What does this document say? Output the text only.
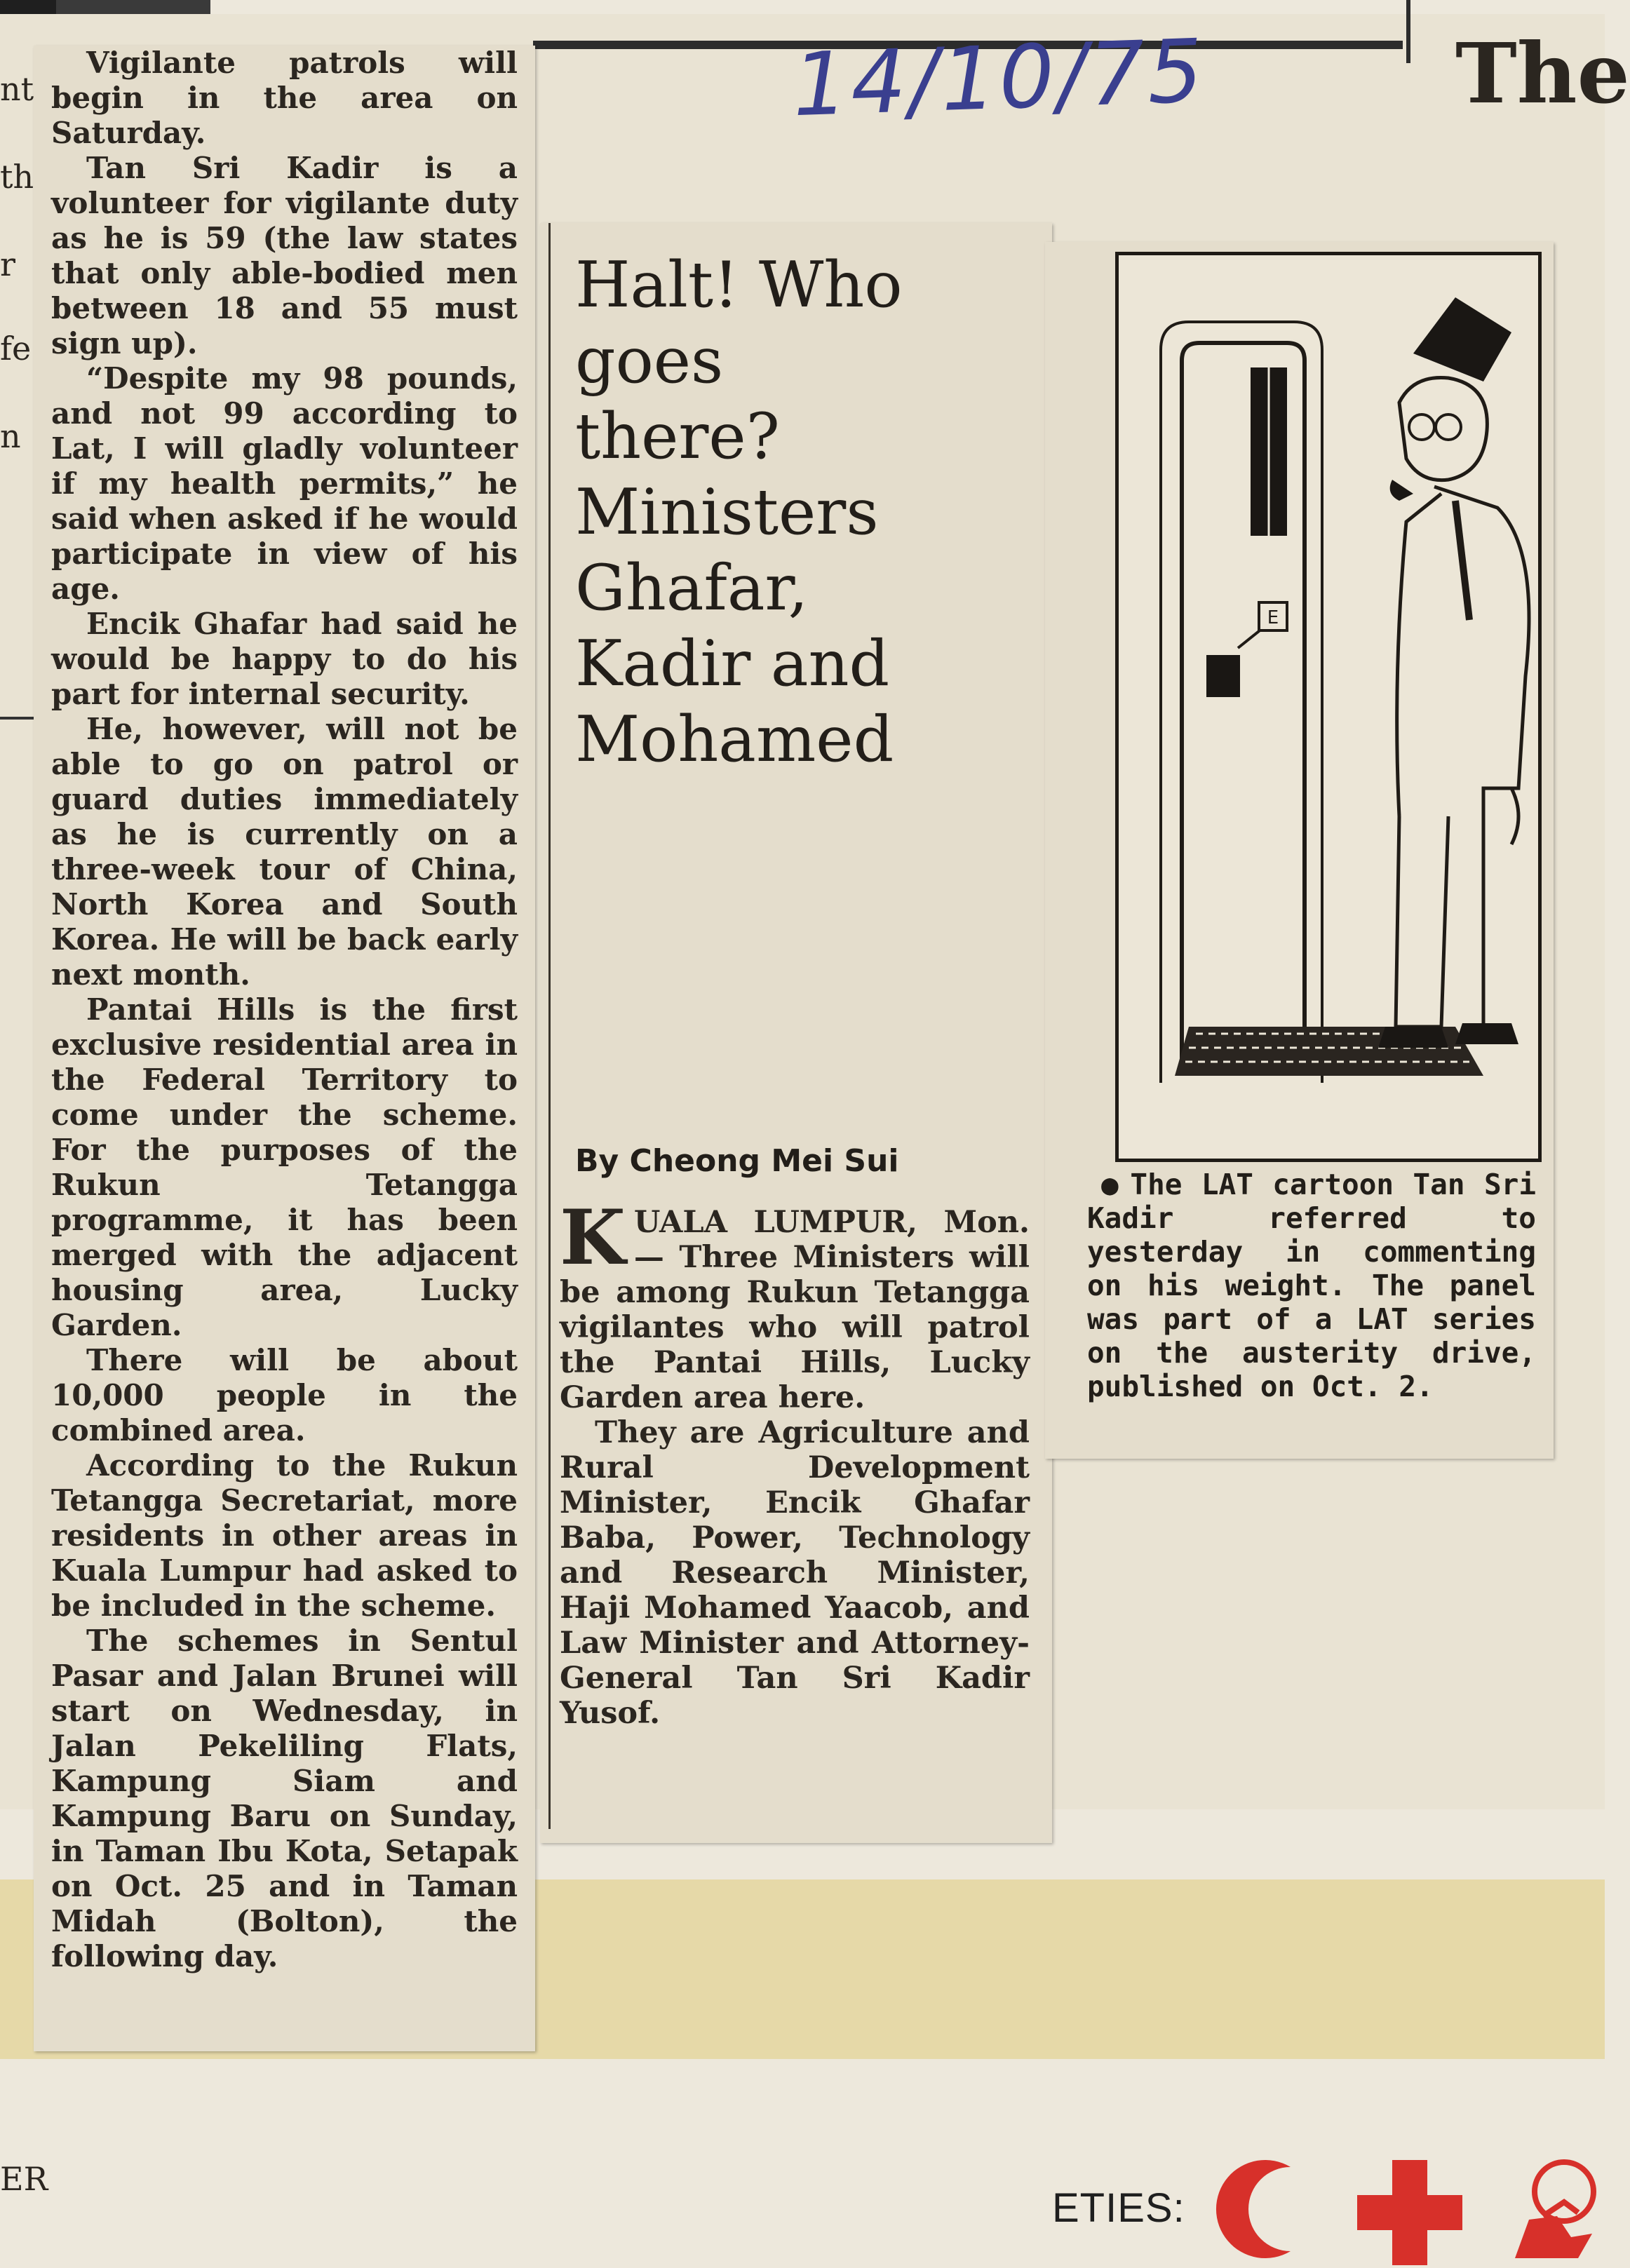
The
nt
th
r
fe
n
ER
ETIES:

Vigilante patrols will begin in the area on Saturday.

Tan Sri Kadir is a volunteer for vigilante duty as he is 59 (the law states that only able-bodied men between 18 and 55 must sign up).

“Despite my 98 pounds, and not 99 according to Lat, I will gladly volunteer if my health permits,” he said when asked if he would participate in view of his age.

Encik Ghafar had said he would be happy to do his part for internal security.

He, however, will not be able to go on patrol or guard duties immediately as he is currently on a three-week tour of China, North Korea and South Korea. He will be back early next month.

Pantai Hills is the first exclusive residential area in the Federal Territory to come under the scheme. For the purposes of the Rukun Tetangga programme, it has been merged with the adjacent housing area, Lucky Garden.

There will be about 10,000 people in the combined area.

According to the Rukun Tetangga Secretariat, more residents in other areas in Kuala Lumpur had asked to be included in the scheme.

The schemes in Sentul Pasar and Jalan Brunei will start on Wednesday, in Jalan Pekeliling Flats, Kampung Siam and Kampung Baru on Sunday, in Taman Ibu Kota, Setapak on Oct. 25 and in Taman Midah (Bolton), the following day.

14/10/75
Halt! Who
goes
there?
Ministers
Ghafar,
Kadir and
Mohamed
By Cheong Mei Sui

KUALA LUMPUR, Mon. — Three Ministers will be among Rukun Tetangga vigilantes who will patrol the Pantai Hills, Lucky Garden area here.

They are Agriculture and Rural Development Minister, Encik Ghafar Baba, Power, Technology and Research Minister, Haji Mohamed Yaacob, and Law Minister and Attorney-General Tan Sri Kadir Yusof.

E
● The LAT cartoon Tan Sri Kadir referred to yesterday in commenting on his weight. The panel was part of a LAT series on the austerity drive, published on Oct. 2.
